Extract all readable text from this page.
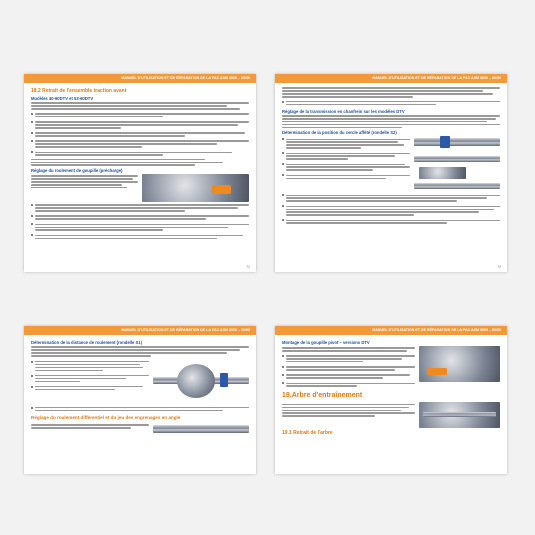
MANUEL D'UTILISATION ET DE RÉPARATION DE LA PAC AXM 3000 – 60/90
18.2 Retrait de l'ensemble traction avant
Modèles 40-60DTV et 53-60DTV
Réglage du roulement de goupille (précharge)
71
MANUEL D'UTILISATION ET DE RÉPARATION DE LA PAC AXM 3000 – 60/90
Réglage de la transmission en chanfrein sur les modèles DTV
Détermination de la position du cercle affété (rondelle S2)
72
MANUEL D'UTILISATION ET DE RÉPARATION DE LA PAC AXM 3000 – 60/90
Détermination de la distance de roulement (rondelle S1)
Réglage du roulement différentiel et du jeu des engrenages en angle
MANUEL D'UTILISATION ET DE RÉPARATION DE LA PAC AXM 3000 – 60/90
Montage de la goupille pivot – versions DTV
19.Arbre d'entraînement
19.1 Retrait de l'arbre
